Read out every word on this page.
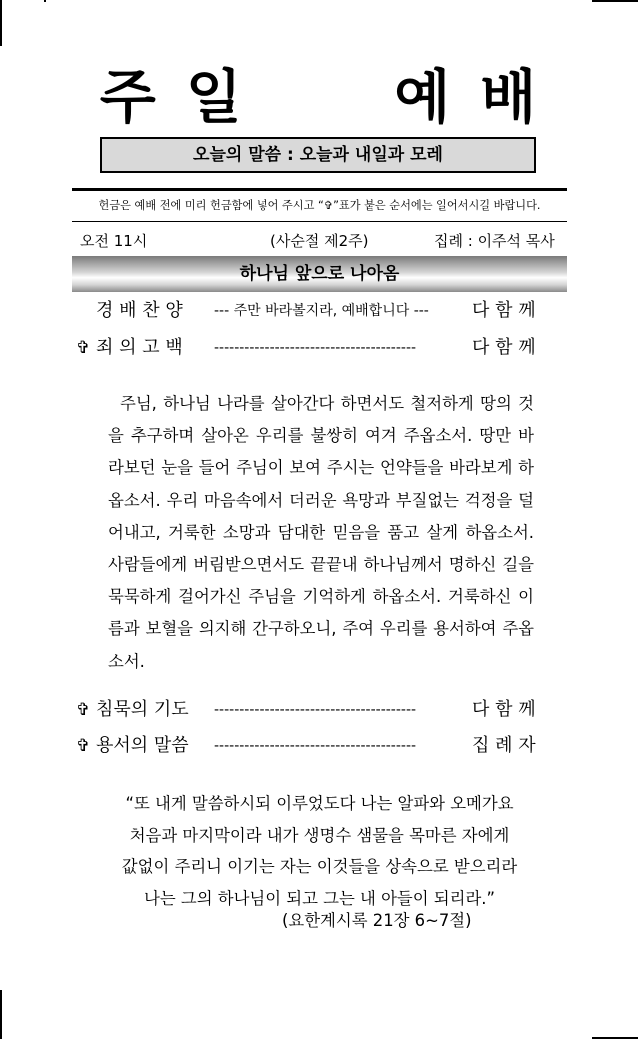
주 일	예 배
오늘의 말씀 : 오늘과 내일과 모레
헌금은 예배 전에 미리 헌금함에 넣어 주시고 “✞”표가 붙은 순서에는 일어서시길 바랍니다.
오전 11시	(사순절 제2주)	집례 : 이주석 목사
하나님 앞으로 나아옴
경 배 찬 양 --- 주만 바라볼지라, 예배합니다 ---	다 함 께
✞ 죄 의 고 백 ----------------------------------------	다 함 께

주님, 하나님 나라를 살아간다 하면서도 철저하게 땅의 것을 추구하며 살아온 우리를 불쌍히 여겨 주옵소서. 땅만 바라보던 눈을 들어 주님이 보여 주시는 언약들을 바라보게 하옵소서. 우리 마음속에서 더러운 욕망과 부질없는 걱정을 덜어내고, 거룩한 소망과 담대한 믿음을 품고 살게 하옵소서. 사람들에게 버림받으면서도 끝끝내 하나님께서 명하신 길을 묵묵하게 걸어가신 주님을 기억하게 하옵소서. 거룩하신 이름과 보혈을 의지해 간구하오니, 주여 우리를 용서하여 주옵소서.

✞ 침묵의 기도 ----------------------------------------	다 함 께
✞ 용서의 말씀 ----------------------------------------	집 례 자
“또 내게 말씀하시되 이루었도다 나는 알파와 오메가요
처음과 마지막이라 내가 생명수 샘물을 목마른 자에게
값없이 주리니 이기는 자는 이것들을 상속으로 받으리라
나는 그의 하나님이 되고 그는 내 아들이 되리라.”
(요한계시록 21장 6~7절)
